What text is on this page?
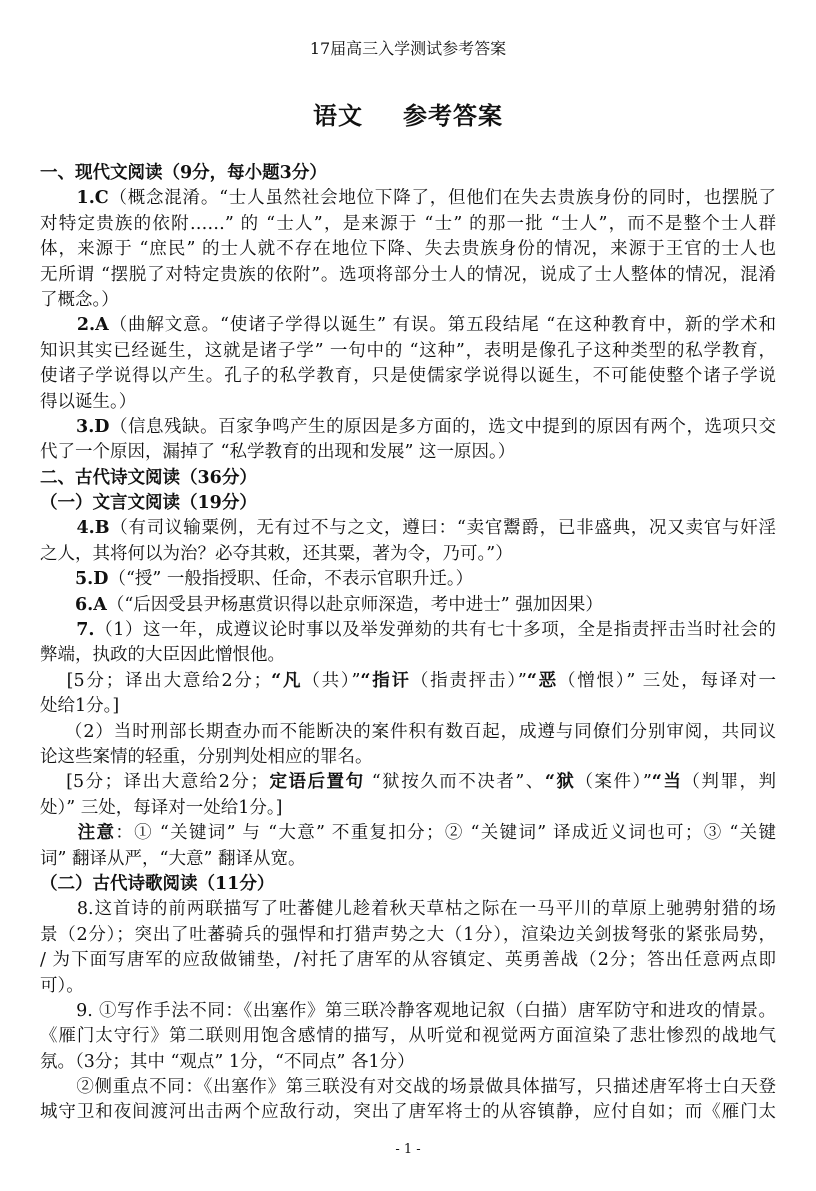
17届高三入学测试参考答案
语文 参考答案
一、现代文阅读（9分，每小题3分）
　　1.C（概念混淆。“士人虽然社会地位下降了，但他们在失去贵族身份的同时，也摆脱了
对特定贵族的依附……” 的 “士人”，是来源于 “士” 的那一批 “士人”，而不是整个士人群
体，来源于 “庶民” 的士人就不存在地位下降、失去贵族身份的情况，来源于王官的士人也
无所谓 “摆脱了对特定贵族的依附”。选项将部分士人的情况，说成了士人整体的情况，混淆
了概念。）
　　2.A（曲解文意。“使诸子学得以诞生” 有误。第五段结尾 “在这种教育中，新的学术和
知识其实已经诞生，这就是诸子学” 一句中的 “这种”，表明是像孔子这种类型的私学教育，
使诸子学说得以产生。孔子的私学教育，只是使儒家学说得以诞生，不可能使整个诸子学说
得以诞生。）
　　3.D（信息残缺。百家争鸣产生的原因是多方面的，选文中提到的原因有两个，选项只交
代了一个原因，漏掉了 “私学教育的出现和发展” 这一原因。）
二、古代诗文阅读（36分）
（一）文言文阅读（19分）
　　4.B（有司议输粟例，无有过不与之文，遵曰：“卖官鬻爵，已非盛典，况又卖官与奸淫
之人，其将何以为治？必夺其敕，还其粟，著为令，乃可。”）
　　5.D（“授” 一般指授职、任命，不表示官职升迁。）
　　6.A（“后因受县尹杨惠赏识得以赴京师深造，考中进士” 强加因果）
　　7.（1）这一年，成遵议论时事以及举发弹劾的共有七十多项，全是指责抨击当时社会的
弊端，执政的大臣因此憎恨他。
　 [5分；译出大意给2分；“凡（共）”“指讦（指责抨击）”“恶（憎恨）” 三处，每译对一
处给1分。]
　 （2）当时刑部长期查办而不能断决的案件积有数百起，成遵与同僚们分别审阅，共同议
论这些案情的轻重，分别判处相应的罪名。
　 [5分；译出大意给2分；定语后置句 “狱按久而不决者”、“狱（案件）”“当（判罪，判
处）” 三处，每译对一处给1分。]
　　注意：① “关键词” 与 “大意” 不重复扣分；② “关键词” 译成近义词也可；③ “关键
词” 翻译从严，“大意” 翻译从宽。
（二）古代诗歌阅读（11分）
　　8.这首诗的前两联描写了吐蕃健儿趁着秋天草枯之际在一马平川的草原上驰骋射猎的场
景（2分）；突出了吐蕃骑兵的强悍和打猎声势之大（1分），渲染边关剑拔弩张的紧张局势，
/ 为下面写唐军的应敌做铺垫，/衬托了唐军的从容镇定、英勇善战（2分；答出任意两点即
可）。
　　9. ①写作手法不同：《出塞作》第三联冷静客观地记叙（白描）唐军防守和进攻的情景。
《雁门太守行》第二联则用饱含感情的描写，从听觉和视觉两方面渲染了悲壮惨烈的战地气
氛。（3分；其中 “观点” 1分，“不同点” 各1分）
　　②侧重点不同：《出塞作》第三联没有对交战的场景做具体描写，只描述唐军将士白天登
城守卫和夜间渡河出击两个应敌行动，突出了唐军将士的从容镇静，应付自如；而《雁门太
- 1 -
